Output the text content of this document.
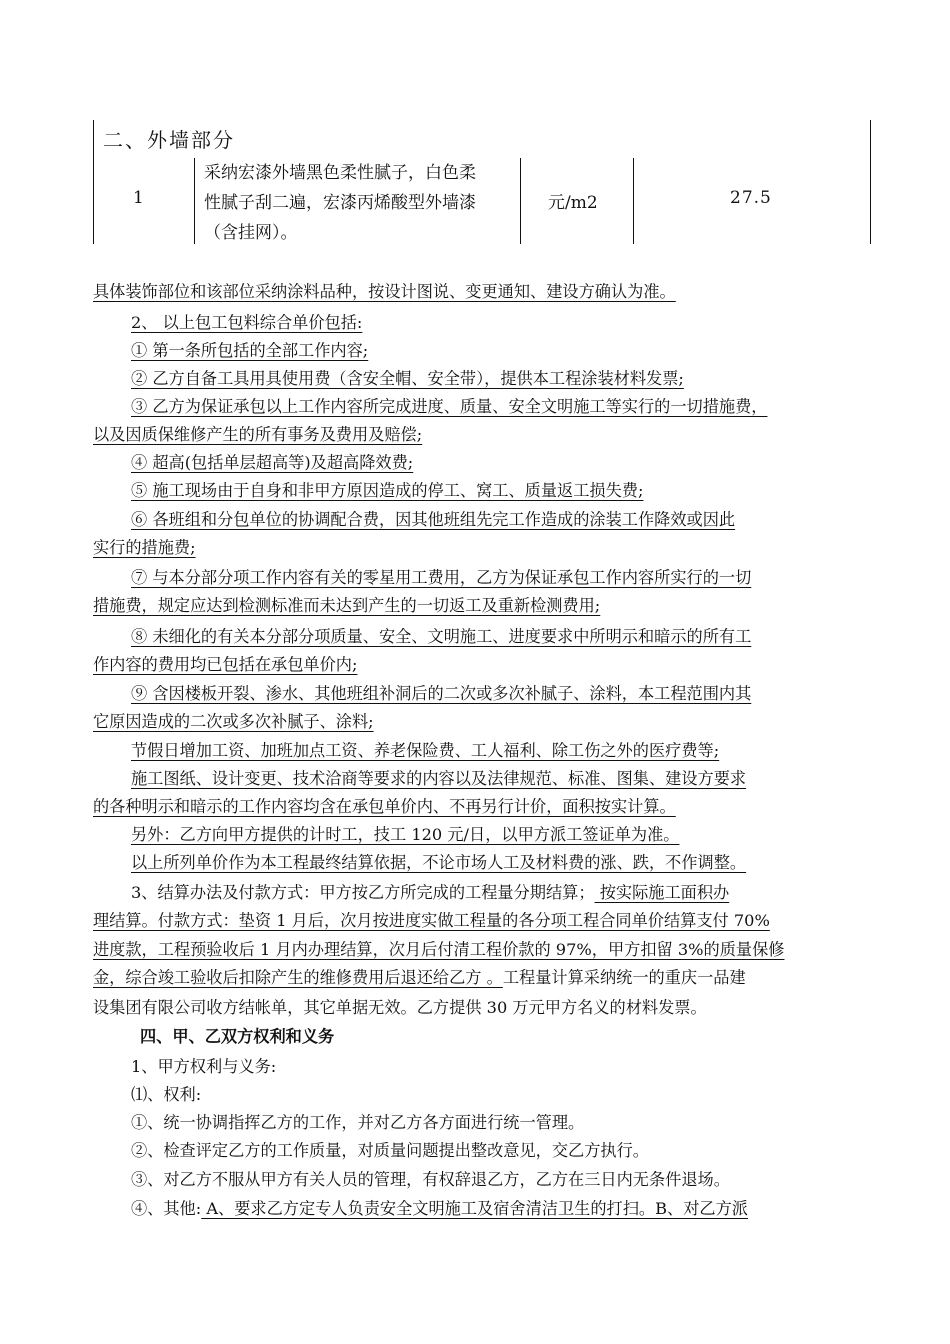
二、外墙部分
1
采纳宏漆外墙黑色柔性腻子，白色柔
性腻子刮二遍，宏漆丙烯酸型外墙漆
（含挂网）。
元/m2	27.5
具体装饰部位和该部位采纳涂料品种，按设计图说、变更通知、建设方确认为准。
2、 以上包工包料综合单价包括:
① 第一条所包括的全部工作内容;
② 乙方自备工具用具使用费（含安全帽、安全带），提供本工程涂装材料发票;
③ 乙方为保证承包以上工作内容所完成进度、质量、安全文明施工等实行的一切措施费，
以及因质保维修产生的所有事务及费用及赔偿;
④ 超高(包括单层超高等)及超高降效费;
⑤ 施工现场由于自身和非甲方原因造成的停工、窝工、质量返工损失费;
⑥ 各班组和分包单位的协调配合费，因其他班组先完工作造成的涂装工作降效或因此
实行的措施费;
⑦ 与本分部分项工作内容有关的零星用工费用，乙方为保证承包工作内容所实行的一切
措施费，规定应达到检测标准而未达到产生的一切返工及重新检测费用;
⑧ 未细化的有关本分部分项质量、安全、文明施工、进度要求中所明示和暗示的所有工
作内容的费用均已包括在承包单价内;
⑨ 含因楼板开裂、渗水、其他班组补洞后的二次或多次补腻子、涂料，本工程范围内其
它原因造成的二次或多次补腻子、涂料;
节假日增加工资、加班加点工资、养老保险费、工人福利、除工伤之外的医疗费等;
施工图纸、设计变更、技术洽商等要求的内容以及法律规范、标准、图集、建设方要求
的各种明示和暗示的工作内容均含在承包单价内、不再另行计价，面积按实计算。
另外：乙方向甲方提供的计时工，技工 120 元/日，以甲方派工签证单为准。
以上所列单价作为本工程最终结算依据，不论市场人工及材料费的涨、跌，不作调整。
3、结算办法及付款方式：甲方按乙方所完成的工程量分期结算； 按实际施工面积办
理结算。付款方式：垫资 1 月后，次月按进度实做工程量的各分项工程合同单价结算支付 70%
进度款，工程预验收后 1 月内办理结算，次月后付清工程价款的 97%，甲方扣留 3%的质量保修
金，综合竣工验收后扣除产生的维修费用后退还给乙方 。工程量计算采纳统一的重庆一品建
设集团有限公司收方结帐单，其它单据无效。乙方提供 30 万元甲方名义的材料发票。
四、甲、乙双方权利和义务
1、甲方权利与义务:
⑴、权利:
①、统一协调指挥乙方的工作，并对乙方各方面进行统一管理。
②、检查评定乙方的工作质量，对质量问题提出整改意见，交乙方执行。
③、对乙方不服从甲方有关人员的管理，有权辞退乙方，乙方在三日内无条件退场。
④、其他: A、要求乙方定专人负责安全文明施工及宿舍清洁卫生的打扫。B、对乙方派
